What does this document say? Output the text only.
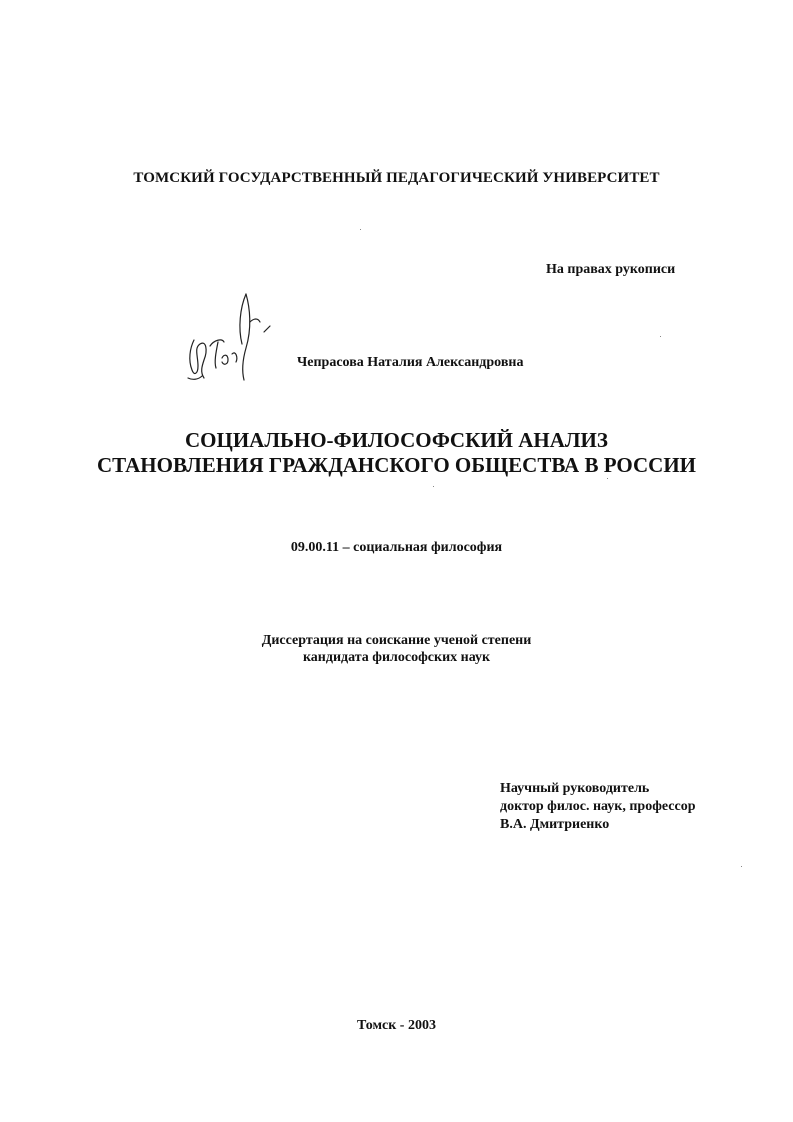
ТОМСКИЙ ГОСУДАРСТВЕННЫЙ ПЕДАГОГИЧЕСКИЙ УНИВЕРСИТЕТ
На правах рукописи
Чепрасова Наталия Александровна
СОЦИАЛЬНО-ФИЛОСОФСКИЙ АНАЛИЗ
СТАНОВЛЕНИЯ ГРАЖДАНСКОГО ОБЩЕСТВА В РОССИИ
09.00.11 – социальная философия
Диссертация на соискание ученой степени
кандидата философских наук
Научный руководитель
доктор филос. наук, профессор
В.А. Дмитриенко
Томск - 2003
